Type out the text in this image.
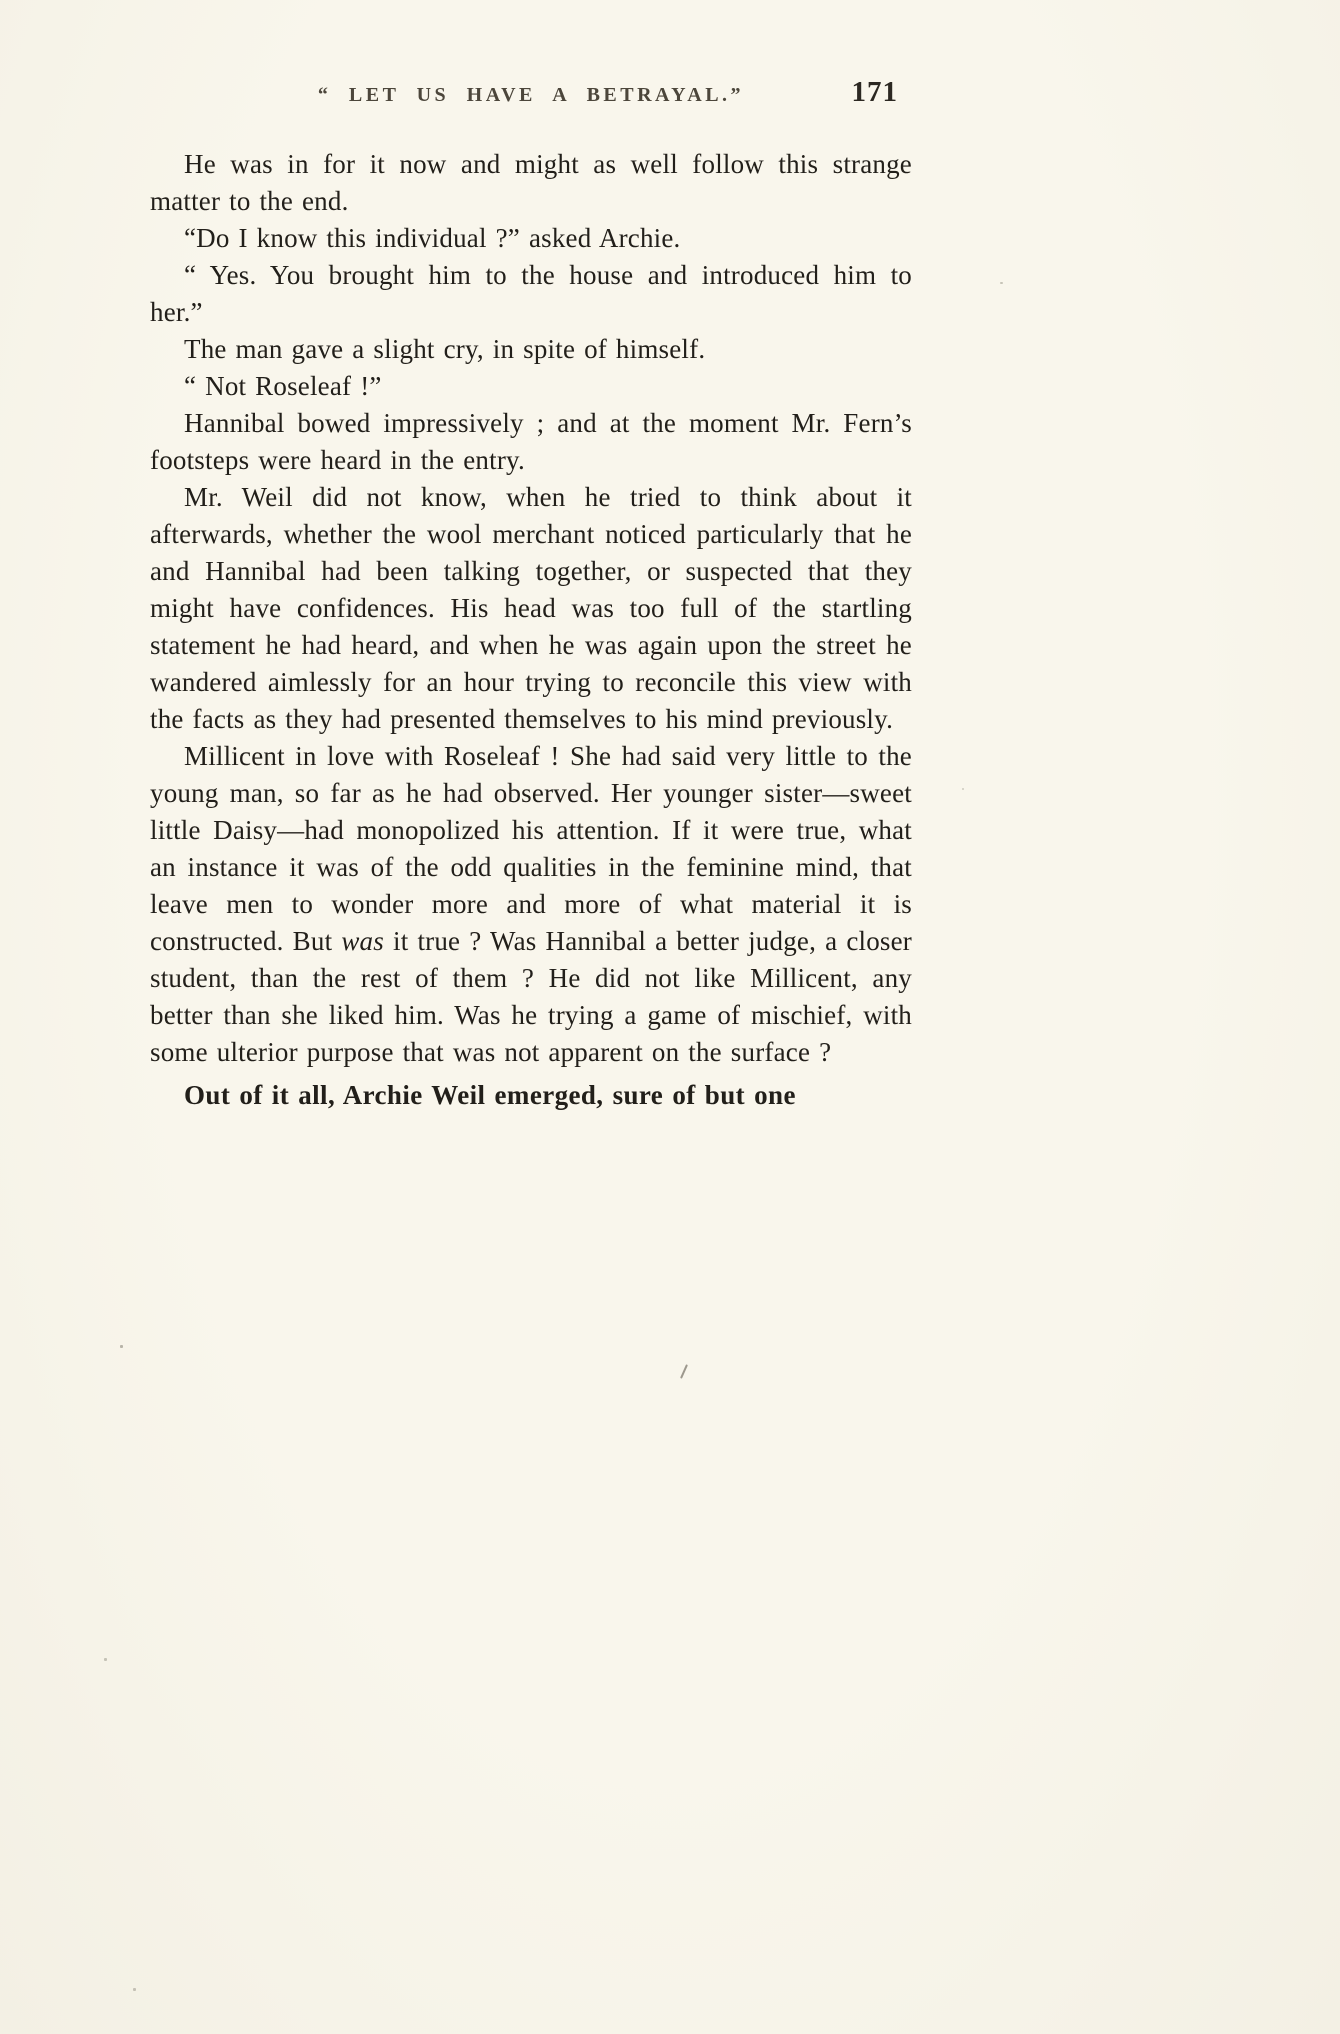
“ LET US HAVE A BETRAYAL.”	171

He was in for it now and might as well follow this strange matter to the end.

“Do I know this individual ?” asked Archie.

“ Yes. You brought him to the house and introduced him to her.”

The man gave a slight cry, in spite of himself.

“ Not Roseleaf !”

Hannibal bowed impressively ; and at the moment Mr. Fern’s footsteps were heard in the entry.

Mr. Weil did not know, when he tried to think about it afterwards, whether the wool merchant noticed particularly that he and Hannibal had been talking together, or suspected that they might have confidences. His head was too full of the startling statement he had heard, and when he was again upon the street he wandered aimlessly for an hour trying to reconcile this view with the facts as they had presented themselves to his mind previously.

Millicent in love with Roseleaf ! She had said very little to the young man, so far as he had observed. Her younger sister—sweet little Daisy—had monopolized his attention. If it were true, what an instance it was of the odd qualities in the feminine mind, that leave men to wonder more and more of what material it is constructed. But was it true ? Was Hannibal a better judge, a closer student, than the rest of them ? He did not like Millicent, any better than she liked him. Was he trying a game of mischief, with some ulterior purpose that was not apparent on the surface ?

Out of it all, Archie Weil emerged, sure of but one
